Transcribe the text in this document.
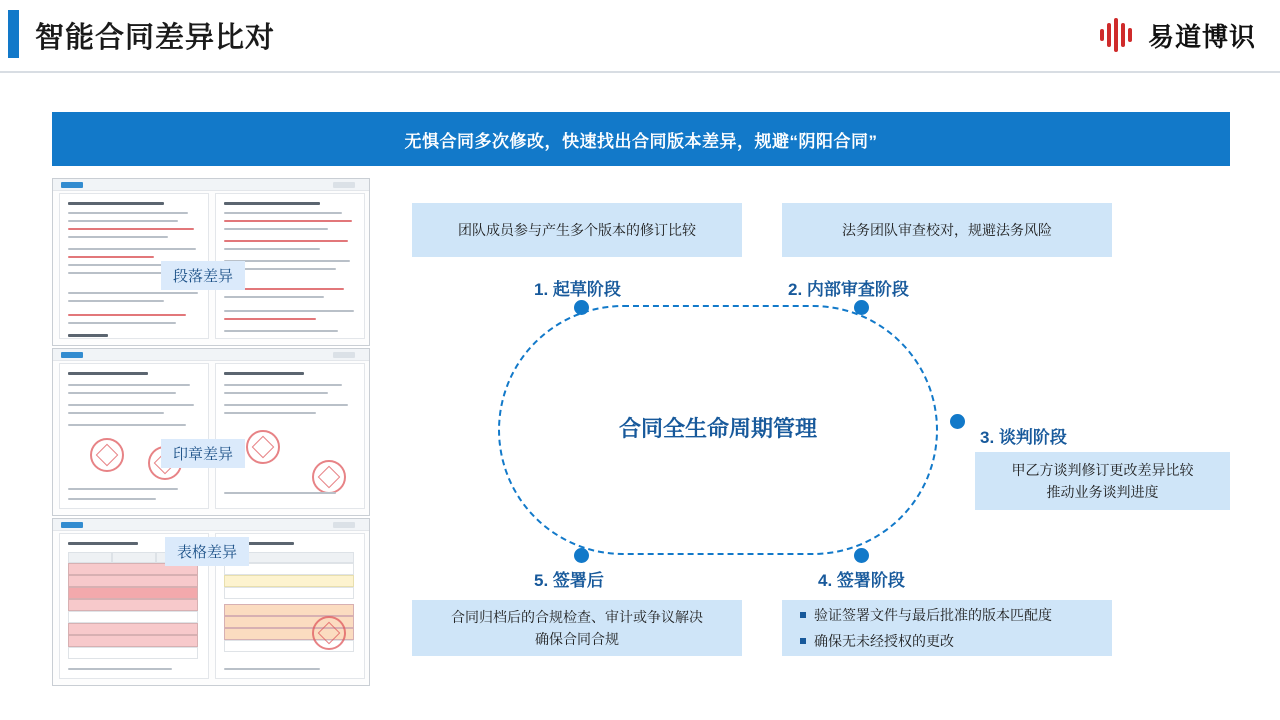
智能合同差异比对	易道博识
无惧合同多次修改，快速找出合同版本差异，规避“阴阳合同”
段落差异
印章差异
表格差异
合同全生命周期管理
1. 起草阶段	2. 内部审查阶段
3. 谈判阶段
4. 签署阶段
5. 签署后
团队成员参与产生多个版本的修订比较	法务团队审查校对，规避法务风险
甲乙方谈判修订更改差异比较
推动业务谈判进度
合同归档后的合规检查、审计或争议解决
确保合同合规
验证签署文件与最后批准的版本匹配度
确保无未经授权的更改
